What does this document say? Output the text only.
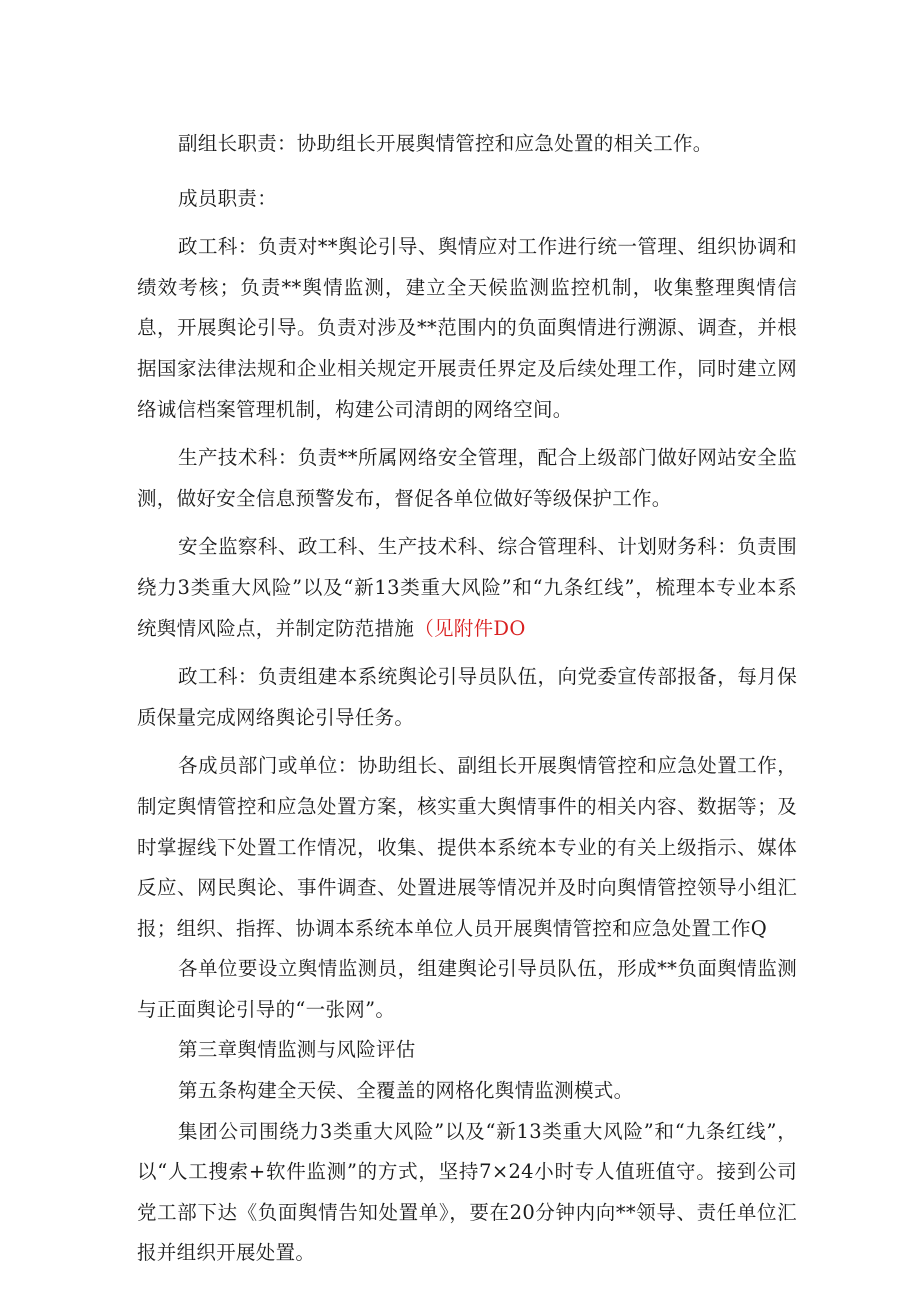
副组长职责：协助组长开展舆情管控和应急处置的相关工作。

成员职责：

政工科：负责对**舆论引导、舆情应对工作进行统一管理、组织协调和绩效考核；负责**舆情监测，建立全天候监测监控机制，收集整理舆情信息，开展舆论引导。负责对涉及**范围内的负面舆情进行溯源、调查，并根据国家法律法规和企业相关规定开展责任界定及后续处理工作，同时建立网络诚信档案管理机制，构建公司清朗的网络空间。

生产技术科：负责**所属网络安全管理，配合上级部门做好网站安全监测，做好安全信息预警发布，督促各单位做好等级保护工作。

安全监察科、政工科、生产技术科、综合管理科、计划财务科：负责围绕力3类重大风险”以及“新13类重大风险”和“九条红线”，梳理本专业本系统舆情风险点，并制定防范措施（见附件DO

政工科：负责组建本系统舆论引导员队伍，向党委宣传部报备，每月保质保量完成网络舆论引导任务。

各成员部门或单位：协助组长、副组长开展舆情管控和应急处置工作，制定舆情管控和应急处置方案，核实重大舆情事件的相关内容、数据等；及时掌握线下处置工作情况，收集、提供本系统本专业的有关上级指示、媒体反应、网民舆论、事件调查、处置进展等情况并及时向舆情管控领导小组汇报；组织、指挥、协调本系统本单位人员开展舆情管控和应急处置工作Q

各单位要设立舆情监测员，组建舆论引导员队伍，形成**负面舆情监测与正面舆论引导的“一张网”。

第三章舆情监测与风险评估

第五条构建全天侯、全覆盖的网格化舆情监测模式。

集团公司围绕力3类重大风险”以及“新13类重大风险”和“九条红线”，以“人工搜索+软件监测”的方式，坚持7×24小时专人值班值守。接到公司党工部下达《负面舆情告知处置单》，要在20分钟内向**领导、责任单位汇报并组织开展处置。
